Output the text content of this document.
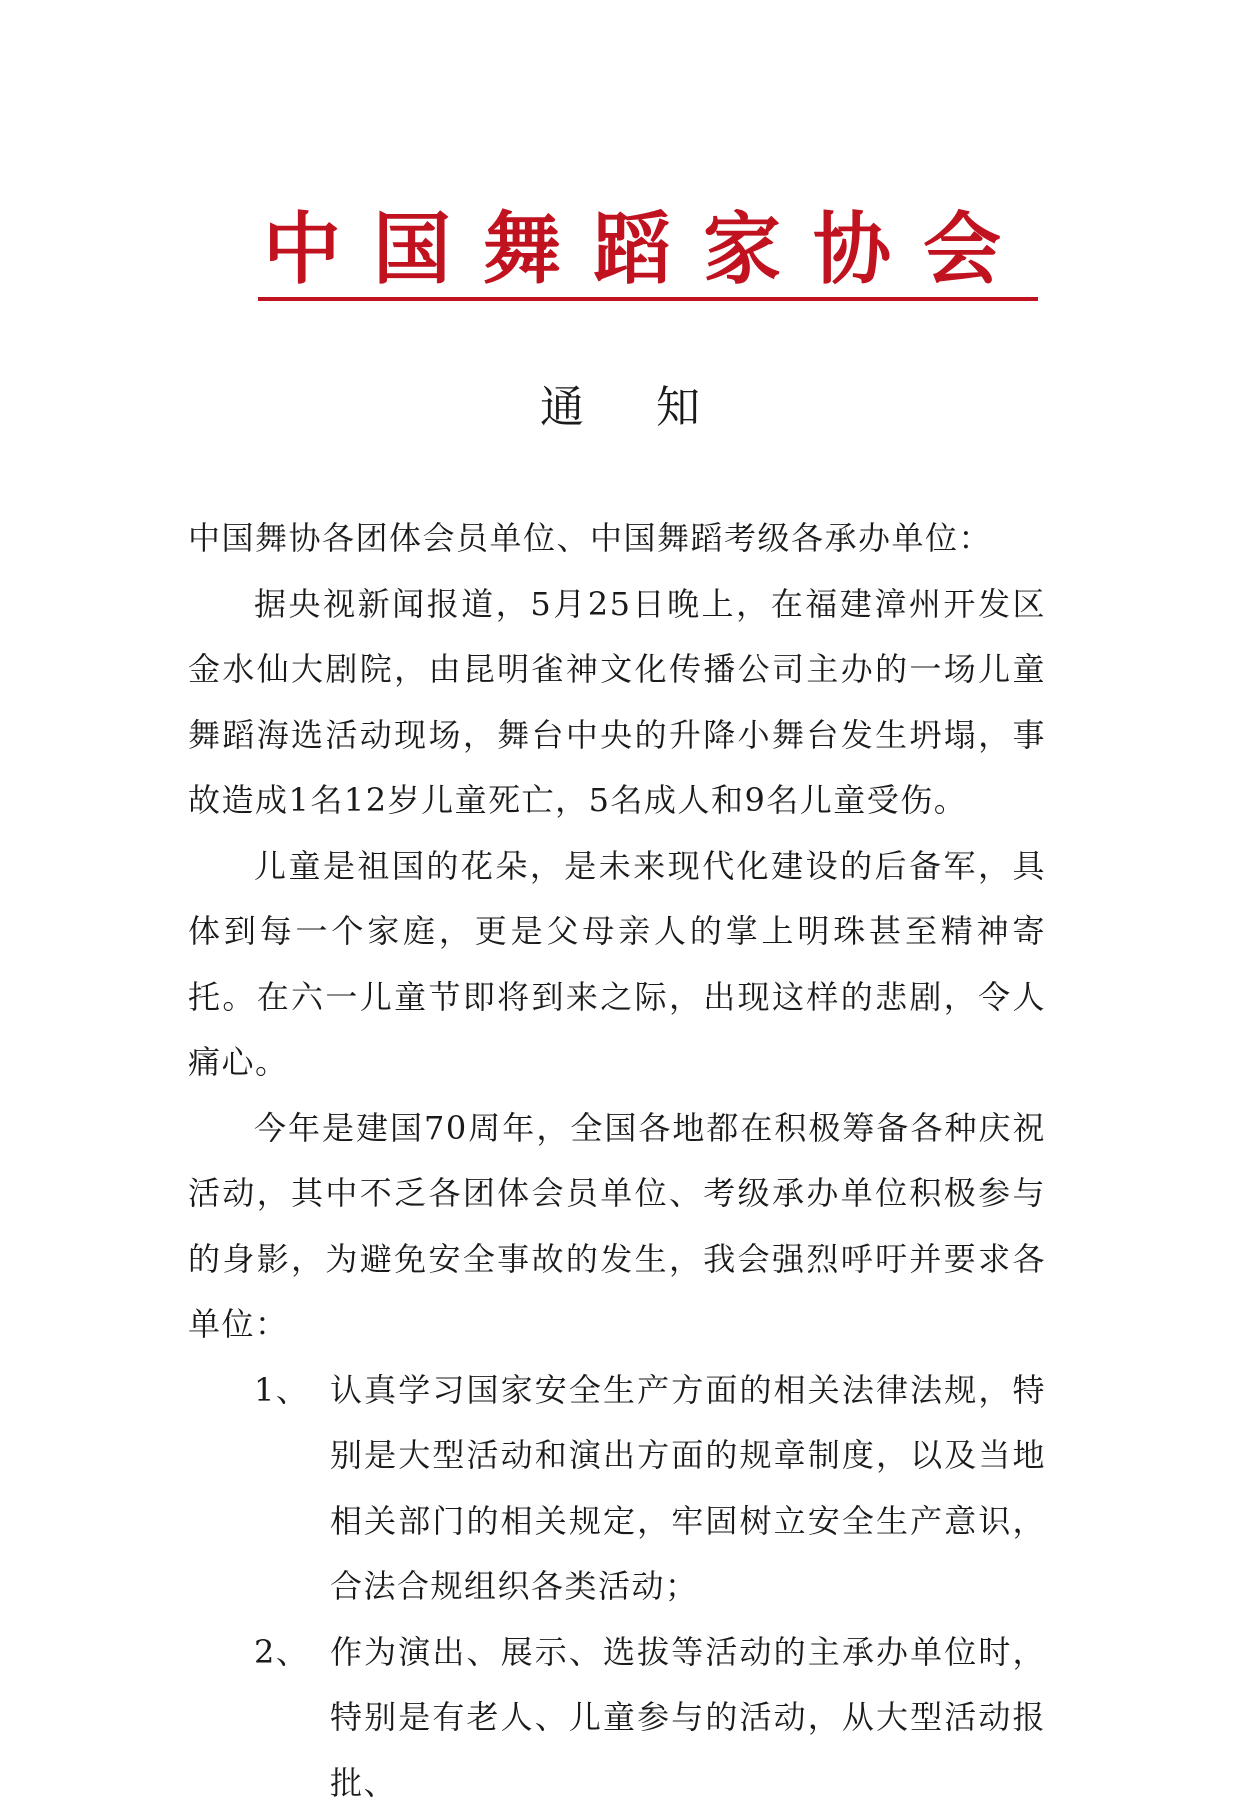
中国舞蹈家协会
通 知

中国舞协各团体会员单位、中国舞蹈考级各承办单位：

据央视新闻报道，5月25日晚上，在福建漳州开发区金水仙大剧院，由昆明雀神文化传播公司主办的一场儿童舞蹈海选活动现场，舞台中央的升降小舞台发生坍塌，事故造成1名12岁儿童死亡，5名成人和9名儿童受伤。

儿童是祖国的花朵，是未来现代化建设的后备军，具体到每一个家庭，更是父母亲人的掌上明珠甚至精神寄托。在六一儿童节即将到来之际，出现这样的悲剧，令人痛心。

今年是建国70周年，全国各地都在积极筹备各种庆祝活动，其中不乏各团体会员单位、考级承办单位积极参与的身影，为避免安全事故的发生，我会强烈呼吁并要求各单位：

1、 认真学习国家安全生产方面的相关法律法规，特别是大型活动和演出方面的规章制度，以及当地相关部门的相关规定，牢固树立安全生产意识，合法合规组织各类活动；

2、 作为演出、展示、选拔等活动的主承办单位时，特别是有老人、儿童参与的活动，从大型活动报批、
